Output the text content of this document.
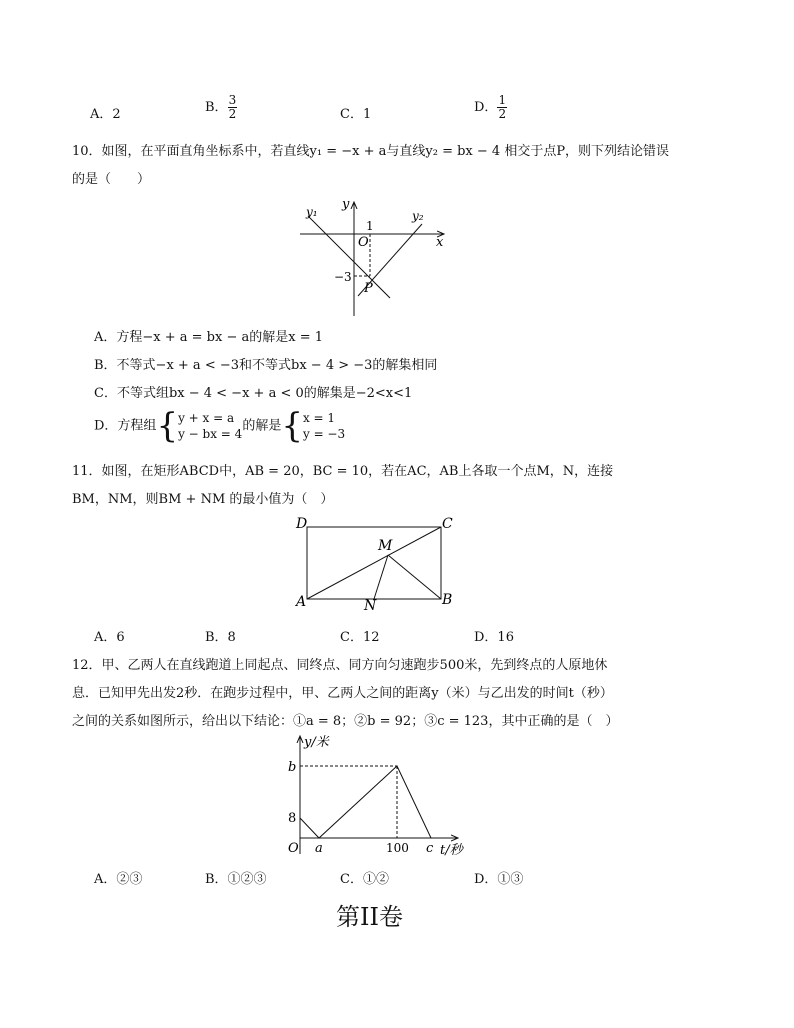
A．2	B． $\frac{3}{2}$	C．1	D． $\frac{1}{2}$
10．如图，在平面直角坐标系中，若直线y₁ = −x + a与直线y₂ = bx − 4 相交于点P，则下列结论错误
的是（　　）
y₁	y₂
y
x
O
1
−3
P
A．方程−x + a = bx − a的解是x = 1
B．不等式−x + a < −3和不等式bx − 4 > −3的解集相同
C．不等式组bx − 4 < −x + a < 0的解集是−2<x<1
D．方程组{ y + x = a
y − bx = 4
的解是{ x = 1
y = −3
11．如图，在矩形ABCD中，AB = 20，BC = 10，若在AC，AB上各取一个点M，N，连接
BM，NM，则BM + NM 的最小值为（　）
D	C
A	B
M
N
A．6	B．8	C．12	D．16
12．甲、乙两人在直线跑道上同起点、同终点、同方向匀速跑步500米，先到终点的人原地休
息．已知甲先出发2秒．在跑步过程中，甲、乙两人之间的距离y（米）与乙出发的时间t（秒）
之间的关系如图所示，给出以下结论：①a = 8；②b = 92；③c = 123，其中正确的是（　）
y/米
t/秒
O
b
8
a	100 c
A．②③	B．①②③	C．①②	D．①③
第II卷
